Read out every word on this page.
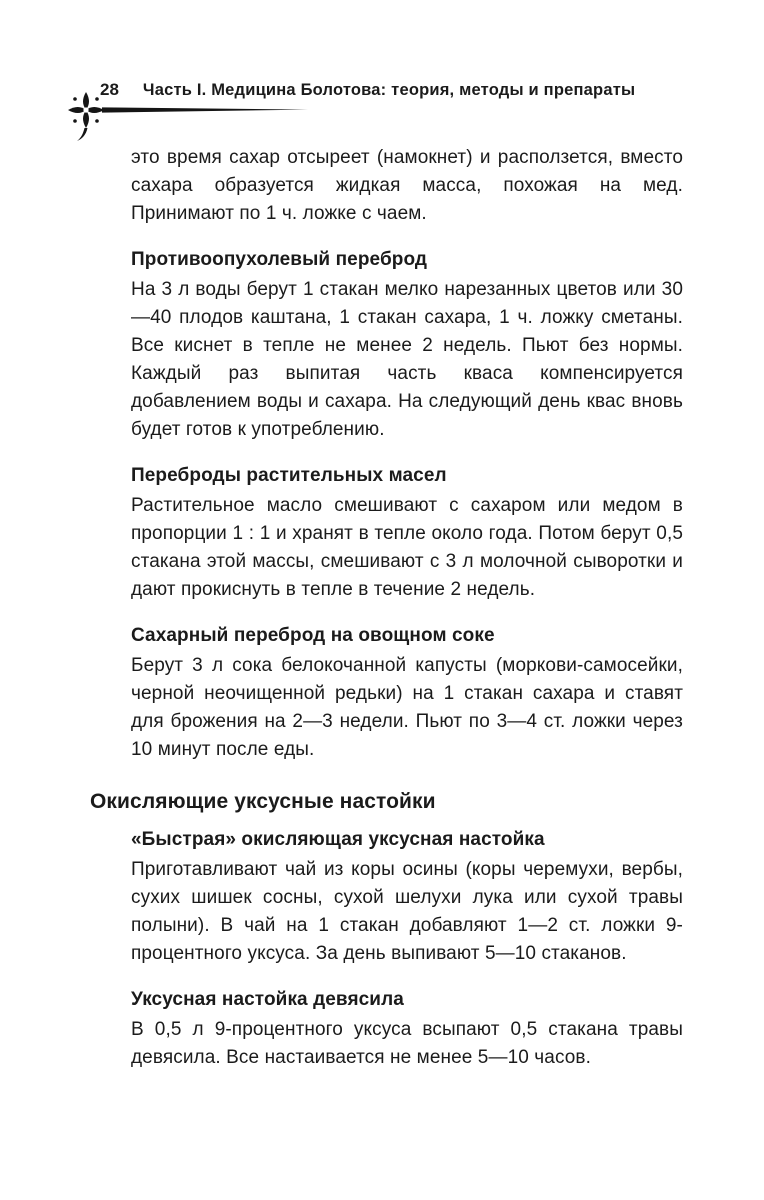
28 Часть I. Медицина Болотова: теория, методы и препараты

это время сахар отсыреет (намокнет) и расползется, вместо сахара образуется жидкая масса, похожая на мед. Принимают по 1 ч. ложке с чаем.

Противоопухолевый переброд

На 3 л воды берут 1 стакан мелко нарезанных цветов или 30—40 плодов каштана, 1 стакан сахара, 1 ч. ложку сметаны. Все киснет в тепле не менее 2 недель. Пьют без нормы. Каждый раз выпитая часть кваса компенсируется добавлением воды и сахара. На следующий день квас вновь будет готов к употреблению.

Переброды растительных масел

Растительное масло смешивают с сахаром или медом в пропорции 1 : 1 и хранят в тепле около года. Потом берут 0,5 стакана этой массы, смешивают с 3 л молочной сыворотки и дают прокиснуть в тепле в течение 2 недель.

Сахарный переброд на овощном соке

Берут 3 л сока белокочанной капусты (моркови-самосейки, черной неочищенной редьки) на 1 стакан сахара и ставят для брожения на 2—3 недели. Пьют по 3—4 ст. ложки через 10 минут после еды.

Окисляющие уксусные настойки
«Быстрая» окисляющая уксусная настойка

Приготавливают чай из коры осины (коры черемухи, вербы, сухих шишек сосны, сухой шелухи лука или сухой травы полыни). В чай на 1 стакан добавляют 1—2 ст. ложки 9-процентного уксуса. За день выпивают 5—10 стаканов.

Уксусная настойка девясила

В 0,5 л 9-процентного уксуса всыпают 0,5 стакана травы девясила. Все настаивается не менее 5—10 часов.
